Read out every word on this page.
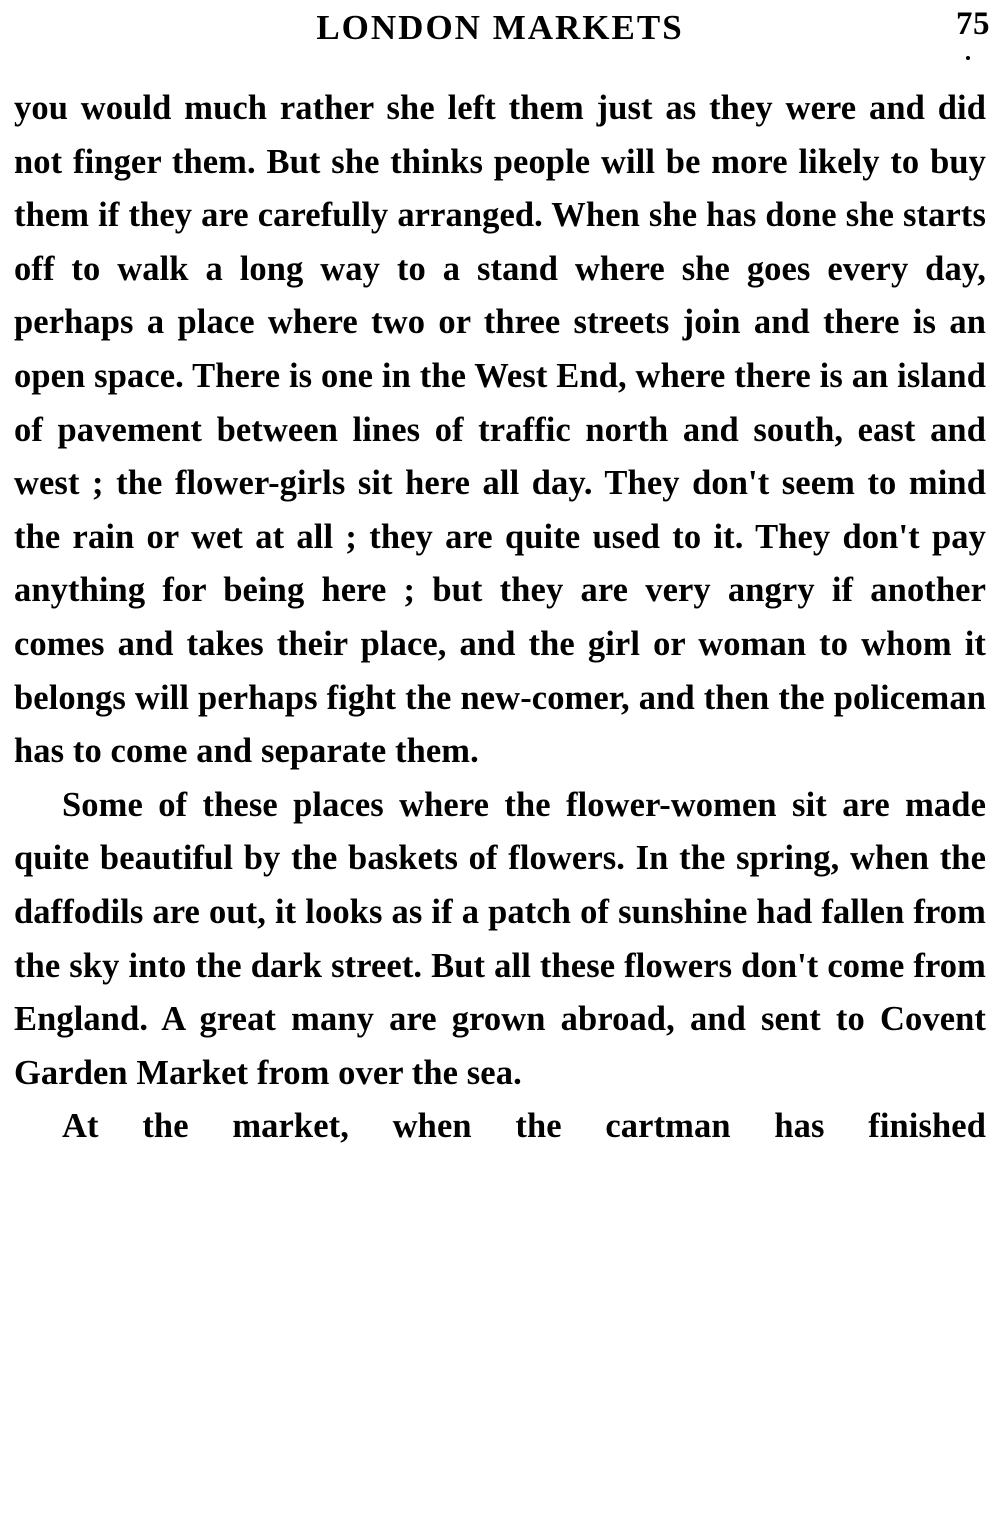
LONDON MARKETS	75

you would much rather she left them just as they were and did not finger them. But she thinks people will be more likely to buy them if they are carefully arranged. When she has done she starts off to walk a long way to a stand where she goes every day, perhaps a place where two or three streets join and there is an open space. There is one in the West End, where there is an island of pavement between lines of traffic north and south, east and west ; the flower-girls sit here all day. They don't seem to mind the rain or wet at all ; they are quite used to it. They don't pay anything for being here ; but they are very angry if another comes and takes their place, and the girl or woman to whom it belongs will perhaps fight the new-comer, and then the policeman has to come and separate them.

Some of these places where the flower-women sit are made quite beautiful by the baskets of flowers. In the spring, when the daffodils are out, it looks as if a patch of sunshine had fallen from the sky into the dark street. But all these flowers don't come from England. A great many are grown abroad, and sent to Covent Garden Market from over the sea.

At the market, when the cartman has finished
